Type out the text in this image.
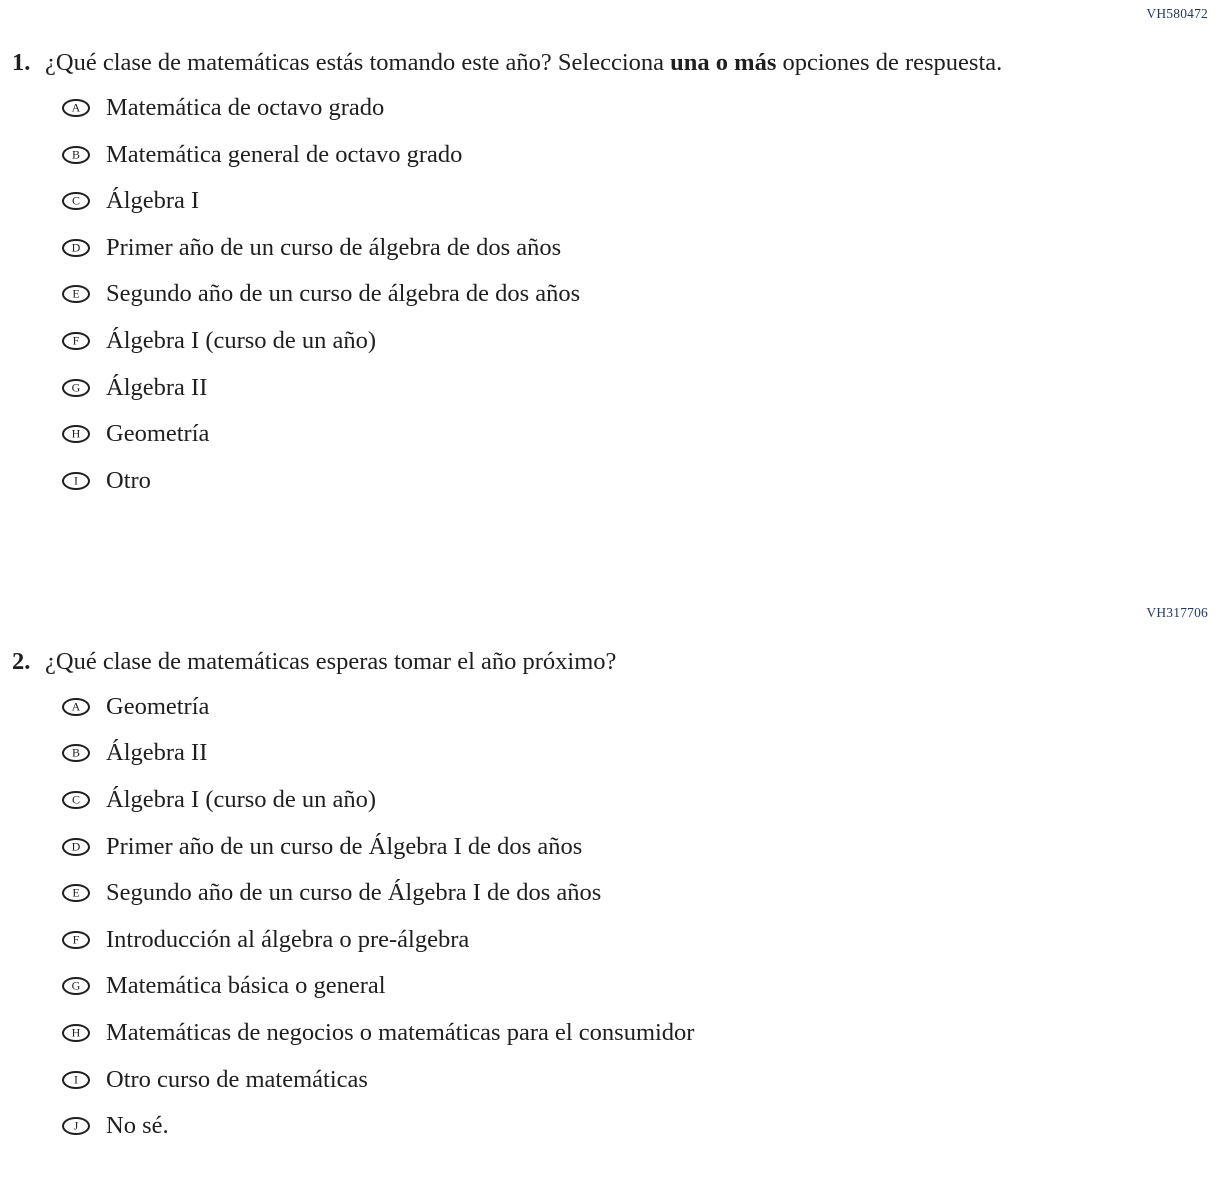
VH580472
1. ¿Qué clase de matemáticas estás tomando este año? Selecciona una o más opciones de respuesta.
A Matemática de octavo grado
B Matemática general de octavo grado
C Álgebra I
D Primer año de un curso de álgebra de dos años
E Segundo año de un curso de álgebra de dos años
F Álgebra I (curso de un año)
G Álgebra II
H Geometría
I Otro
VH317706
2. ¿Qué clase de matemáticas esperas tomar el año próximo?
A Geometría
B Álgebra II
C Álgebra I (curso de un año)
D Primer año de un curso de Álgebra I de dos años
E Segundo año de un curso de Álgebra I de dos años
F Introducción al álgebra o pre-álgebra
G Matemática básica o general
H Matemáticas de negocios o matemáticas para el consumidor
I Otro curso de matemáticas
J No sé.
